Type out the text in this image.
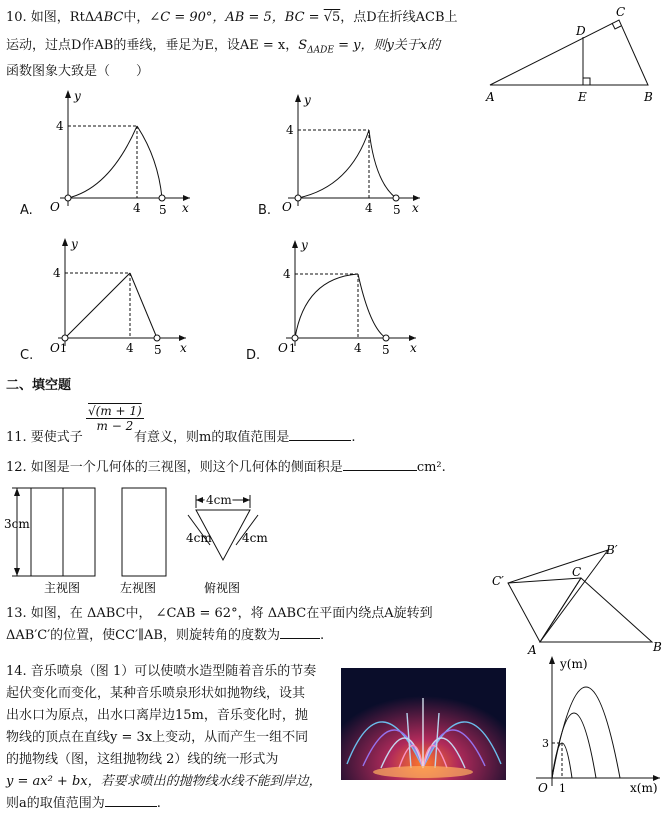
10. 如图，RtΔABC中，∠C = 90°，AB = 5，BC = √5，点D在折线ACB上
运动，过点D作AB的垂线，垂足为E，设AE = x，$S_{\Delta ADE} = y$，则y关于x的
函数图象大致是（　　）
A	B
C
D
E
O	x
y
4
4 5
A.	O	x
y
4
4 5
B.
O 1	x
y
4
4 5
C.	O 1	x
y
4
4 5
D.
二、填空题
11. 要使式子
$\frac{√(m + 1)}{m - 2}$
有意义，则m的取值范围是	.
12. 如图是一个几何体的三视图，则这个几何体的侧面积是	cm².
3cm
4cm
4cm	4cm
主视图	左视图	俯视图
13. 如图，在 ΔABC中， ∠CAB = 62°，将 ΔABC在平面内绕点A旋转到
ΔAB′C′的位置，使CC′∥AB，则旋转角的度数为	.
A	B
C
C′
B′
14. 音乐喷泉（图 1）可以使喷水造型随着音乐的节奏
起伏变化而变化，某种音乐喷泉形状如抛物线，设其
出水口为原点，出水口离岸边15m，音乐变化时，抛
物线的顶点在直线y = 3x上变动，从而产生一组不同
的抛物线（图，这组抛物线 2）线的统一形式为
y = ax² + bx，若要求喷出的抛物线水线不能到岸边，
则a的取值范围为	.
y(m)
x(m)
O 1
3
